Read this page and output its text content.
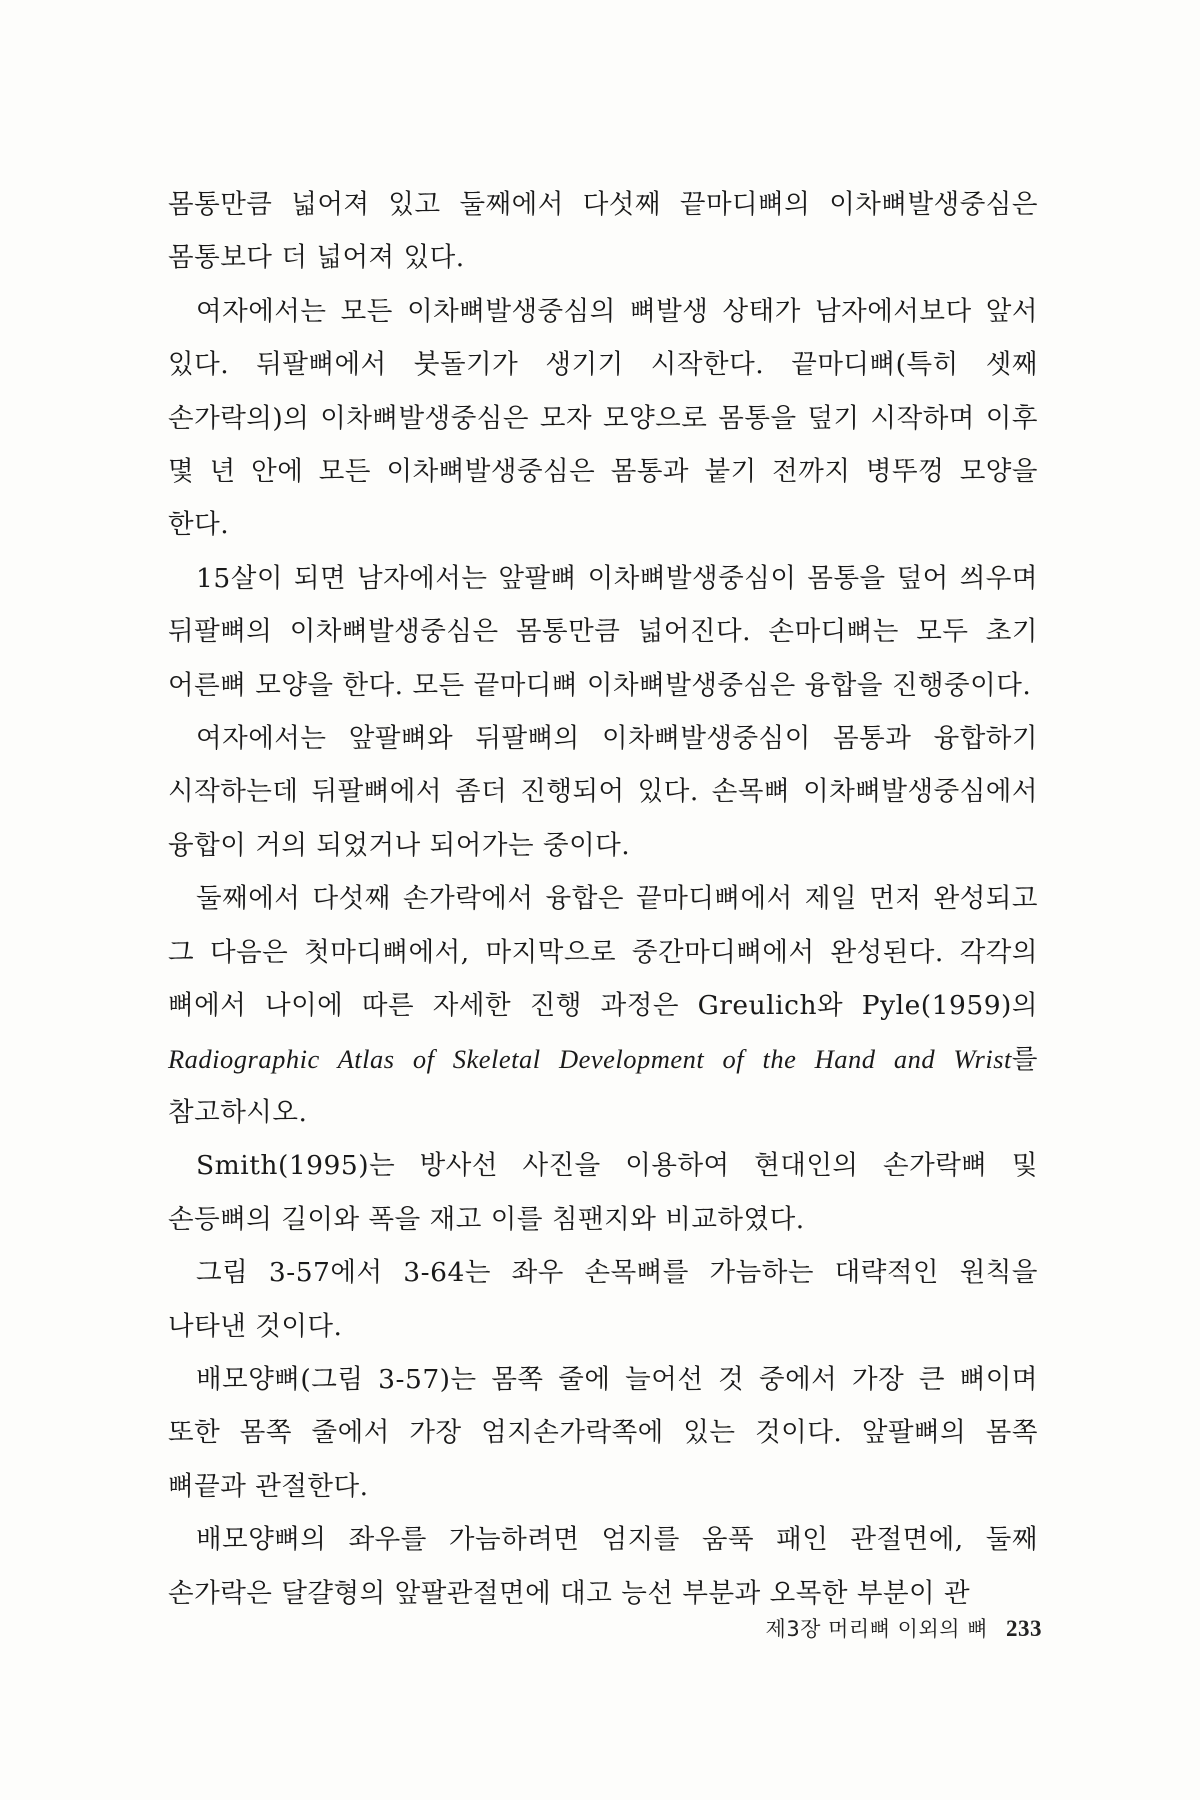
몸통만큼 넓어져 있고 둘째에서 다섯째 끝마디뼈의 이차뼈발생중심은 몸통보다 더 넓어져 있다.

여자에서는 모든 이차뼈발생중심의 뼈발생 상태가 남자에서보다 앞서 있다. 뒤팔뼈에서 붓돌기가 생기기 시작한다. 끝마디뼈(특히 셋째 손가락의)의 이차뼈발생중심은 모자 모양으로 몸통을 덮기 시작하며 이후 몇 년 안에 모든 이차뼈발생중심은 몸통과 붙기 전까지 병뚜껑 모양을 한다.

15살이 되면 남자에서는 앞팔뼈 이차뼈발생중심이 몸통을 덮어 씌우며 뒤팔뼈의 이차뼈발생중심은 몸통만큼 넓어진다. 손마디뼈는 모두 초기 어른뼈 모양을 한다. 모든 끝마디뼈 이차뼈발생중심은 융합을 진행중이다.

여자에서는 앞팔뼈와 뒤팔뼈의 이차뼈발생중심이 몸통과 융합하기 시작하는데 뒤팔뼈에서 좀더 진행되어 있다. 손목뼈 이차뼈발생중심에서 융합이 거의 되었거나 되어가는 중이다.

둘째에서 다섯째 손가락에서 융합은 끝마디뼈에서 제일 먼저 완성되고 그 다음은 첫마디뼈에서, 마지막으로 중간마디뼈에서 완성된다. 각각의 뼈에서 나이에 따른 자세한 진행 과정은 Greulich와 Pyle(1959)의 Radiographic Atlas of Skeletal Development of the Hand and Wrist를 참고하시오.

Smith(1995)는 방사선 사진을 이용하여 현대인의 손가락뼈 및 손등뼈의 길이와 폭을 재고 이를 침팬지와 비교하였다.

그림 3-57에서 3-64는 좌우 손목뼈를 가늠하는 대략적인 원칙을 나타낸 것이다.

배모양뼈(그림 3-57)는 몸쪽 줄에 늘어선 것 중에서 가장 큰 뼈이며 또한 몸쪽 줄에서 가장 엄지손가락쪽에 있는 것이다. 앞팔뼈의 몸쪽 뼈끝과 관절한다.

배모양뼈의 좌우를 가늠하려면 엄지를 움푹 패인 관절면에, 둘째 손가락은 달걀형의 앞팔관절면에 대고 능선 부분과 오목한 부분이 관

제3장 머리뼈 이외의 뼈 233
